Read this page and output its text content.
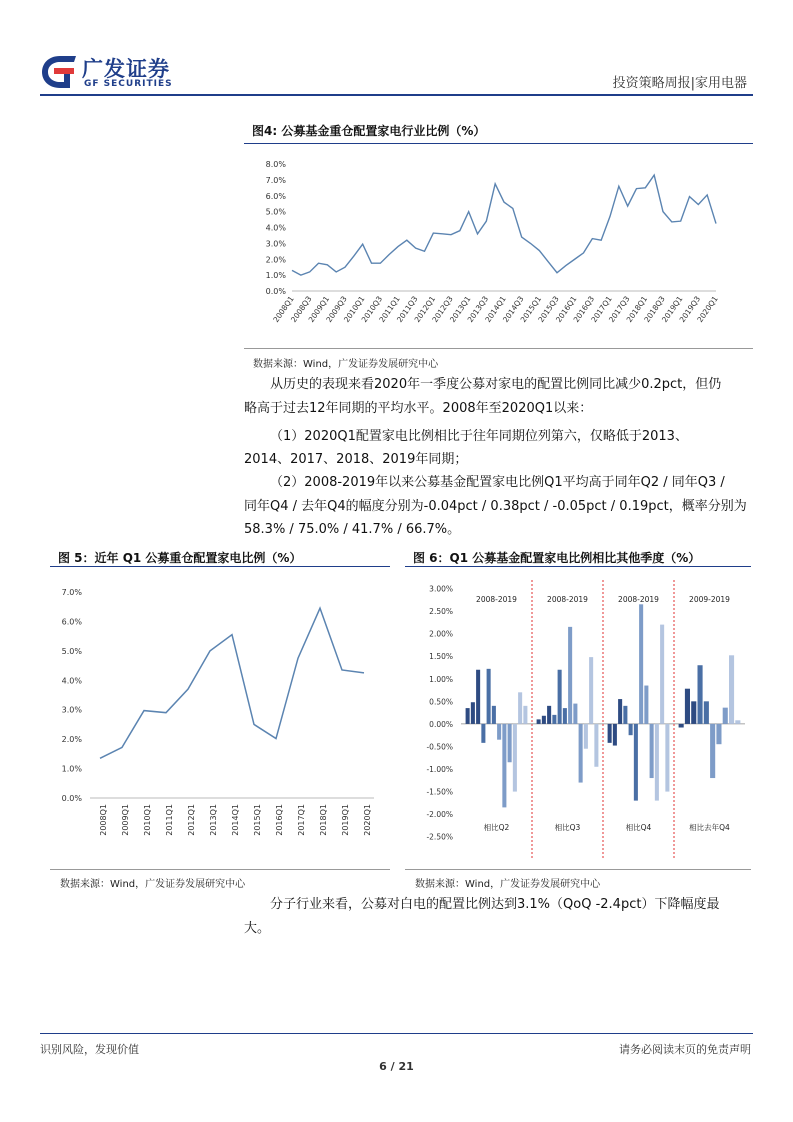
广发证券
GF SECURITIES	投资策略周报|家用电器
图4: 公募基金重仓配置家电行业比例（%）
8.0%
7.0%
6.0%
5.0%
4.0%
3.0%
2.0%
1.0%
0.0%
2008Q1
2008Q3
2009Q1
2009Q3
2010Q1
2010Q3
2011Q1
2011Q3
2012Q1
2012Q3
2013Q1
2013Q3
2014Q1
2014Q3
2015Q1
2015Q3
2016Q1
2016Q3
2017Q1
2017Q3
2018Q1
2018Q3
2019Q1
2019Q3
2020Q1
数据来源：Wind，广发证券发展研究中心
从历史的表现来看2020年一季度公募对家电的配置比例同比减少0.2pct，但仍
略高于过去12年同期的平均水平。2008年至2020Q1以来：
（1）2020Q1配置家电比例相比于往年同期位列第六，仅略低于2013、
2014、2017、2018、2019年同期；
（2）2008-2019年以来公募基金配置家电比例Q1平均高于同年Q2 / 同年Q3 /
同年Q4 / 去年Q4的幅度分别为-0.04pct / 0.38pct / -0.05pct / 0.19pct，概率分别为
58.3% / 75.0% / 41.7% / 66.7%。
图 5：近年 Q1 公募重仓配置家电比例（%）
7.0%
6.0%
5.0%
4.0%
3.0%
2.0%
1.0%
0.0%
2008Q1 2009Q1 2010Q1 2011Q1 2012Q1 2013Q1 2014Q1 2015Q1 2016Q1 2017Q1 2018Q1 2019Q1 2020Q1
数据来源：Wind，广发证券发展研究中心
图 6：Q1 公募基金配置家电比例相比其他季度（%）
3.00%
2.50%
2.00%
1.50%
1.00%
0.50%
0.00%
-0.50%
-1.00%
-1.50%
-2.00%
-2.50%
2008-2019
相比Q2
2008-2019
相比Q3
2008-2019
相比Q4
2009-2019
相比去年Q4
数据来源：Wind，广发证券发展研究中心
分子行业来看，公募对白电的配置比例达到3.1%（QoQ -2.4pct）下降幅度最
大。
识别风险，发现价值	请务必阅读末页的免责声明
6 / 21
